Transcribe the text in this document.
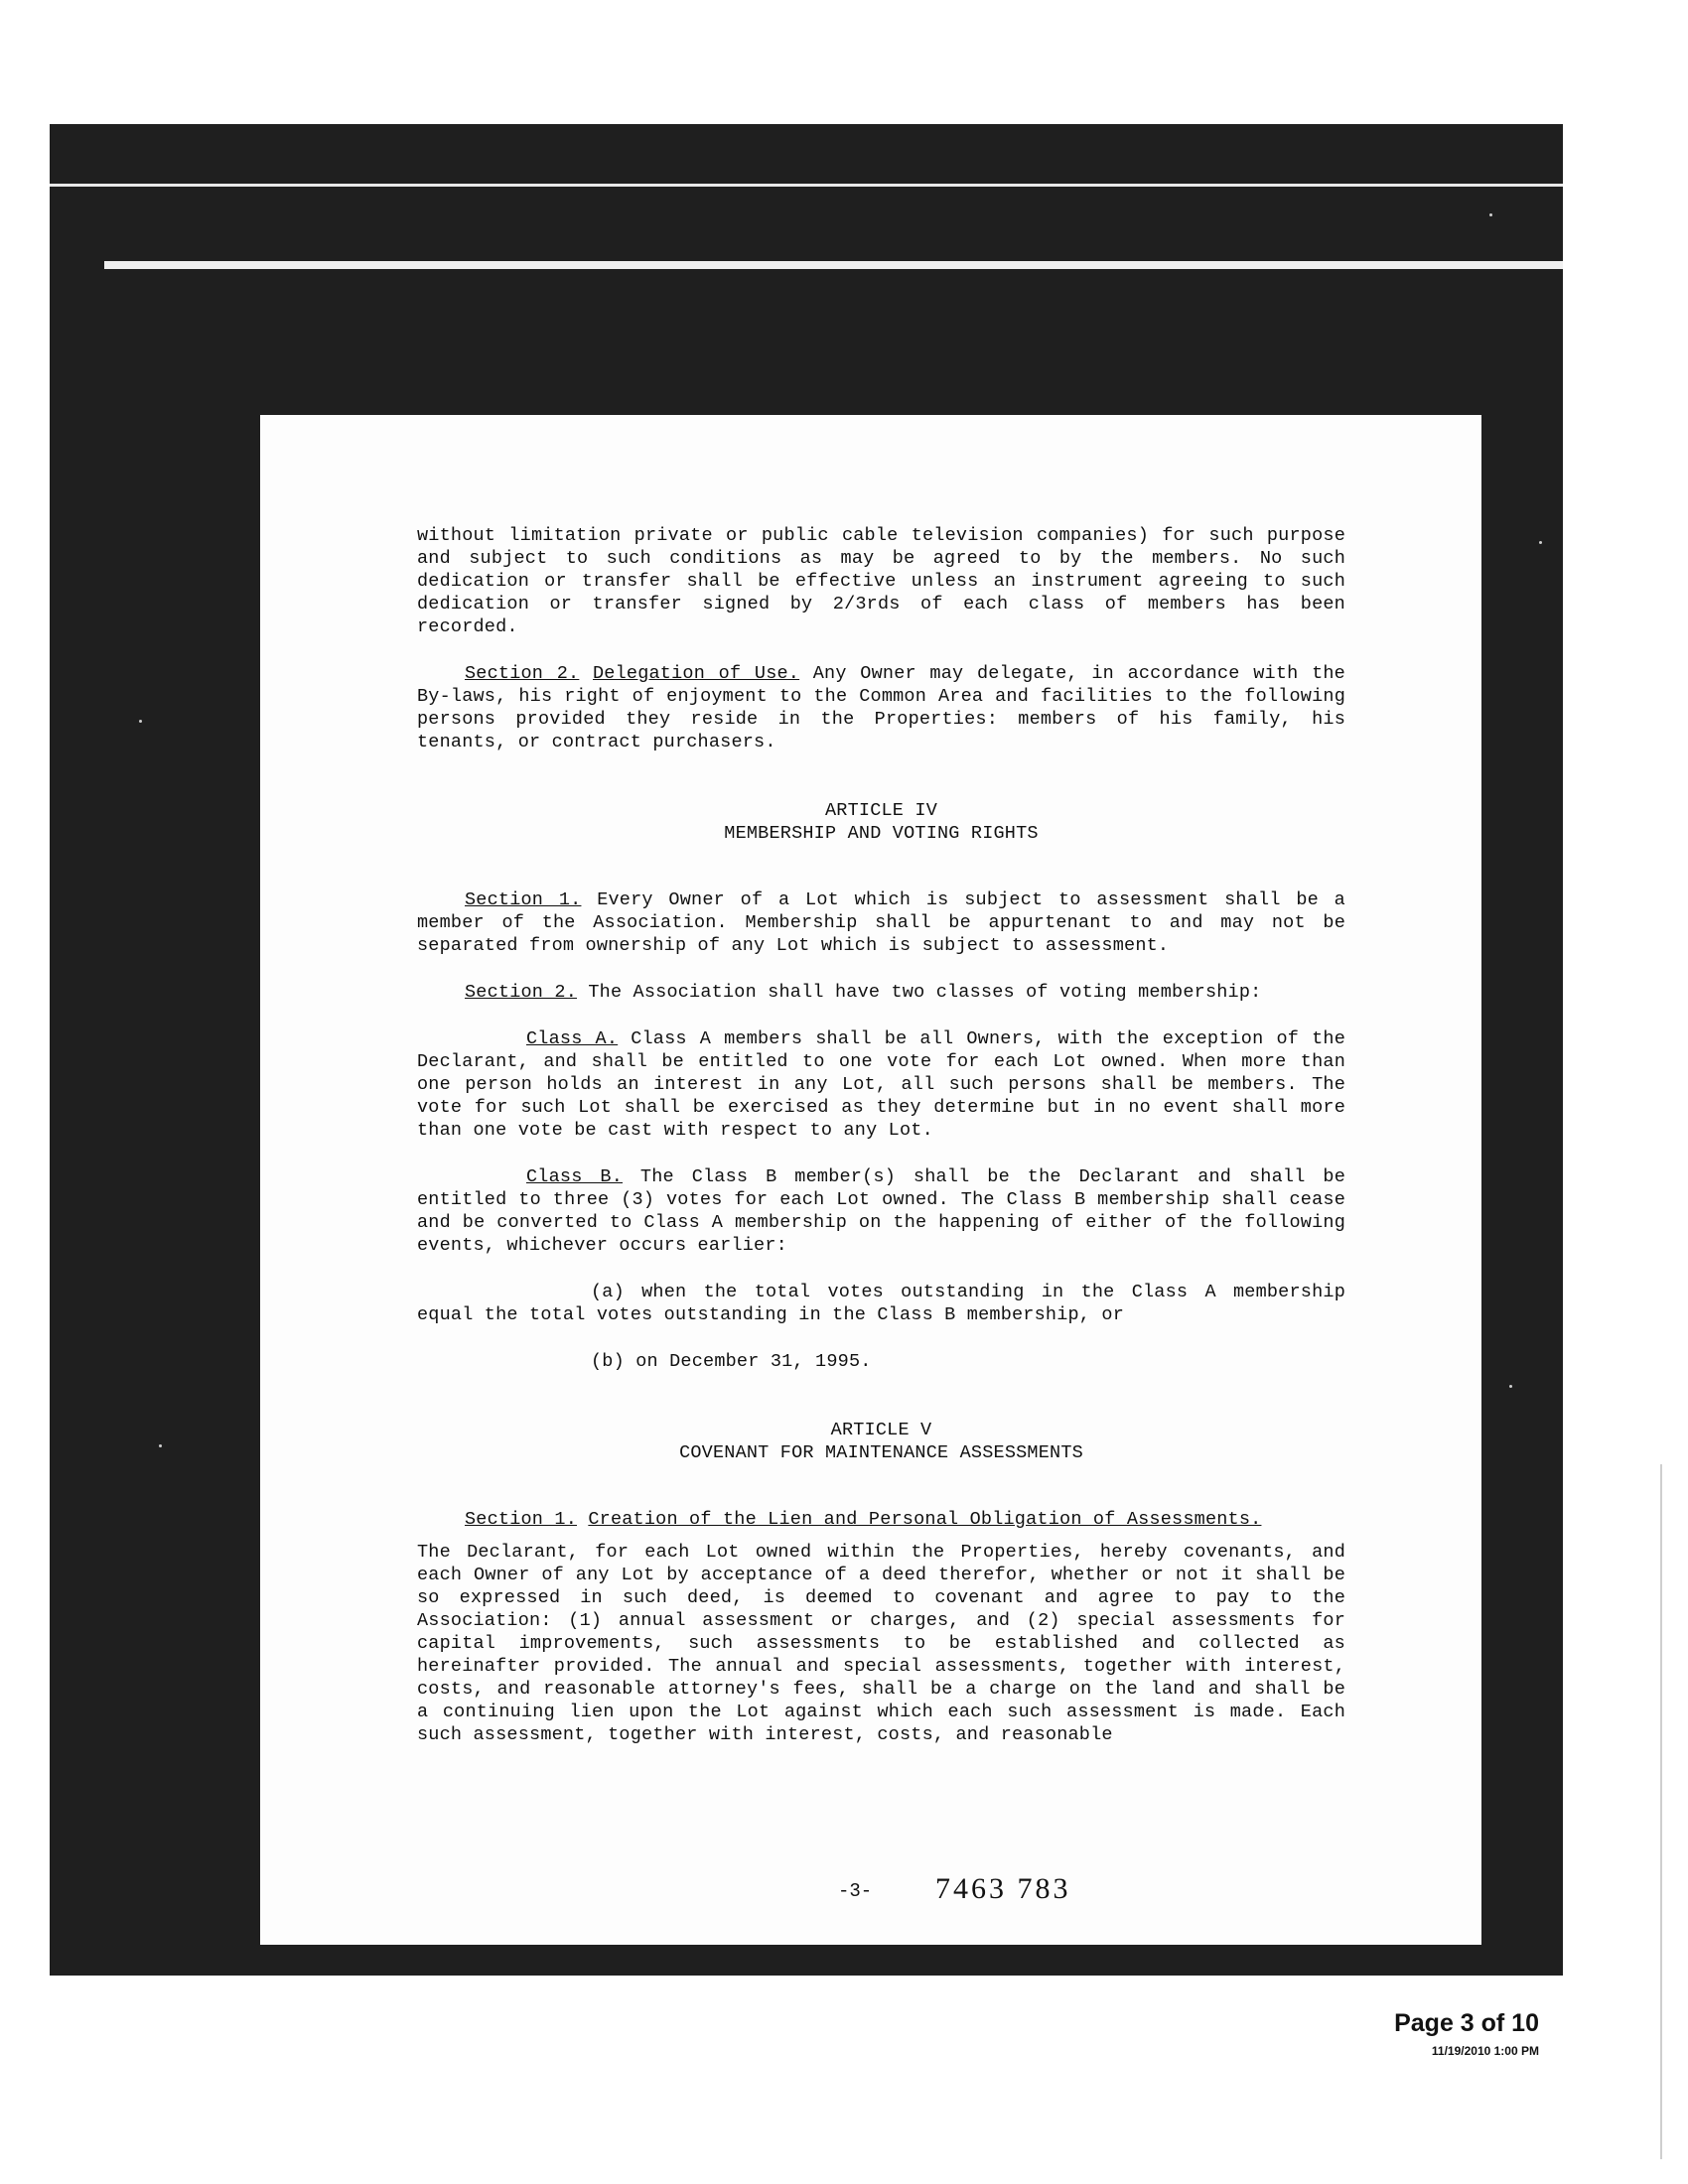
without limitation private or public cable television companies) for such purpose and subject to such conditions as may be agreed to by the members. No such dedication or transfer shall be effective unless an instrument agreeing to such dedication or transfer signed by 2/3rds of each class of members has been recorded.

Section 2. Delegation of Use. Any Owner may delegate, in accordance with the By-laws, his right of enjoyment to the Common Area and facilities to the following persons provided they reside in the Properties: members of his family, his tenants, or contract purchasers.

ARTICLE IV
MEMBERSHIP AND VOTING RIGHTS

Section 1. Every Owner of a Lot which is subject to assessment shall be a member of the Association. Membership shall be appurtenant to and may not be separated from ownership of any Lot which is subject to assessment.

Section 2. The Association shall have two classes of voting membership:

Class A. Class A members shall be all Owners, with the exception of the Declarant, and shall be entitled to one vote for each Lot owned. When more than one person holds an interest in any Lot, all such persons shall be members. The vote for such Lot shall be exercised as they determine but in no event shall more than one vote be cast with respect to any Lot.

Class B. The Class B member(s) shall be the Declarant and shall be entitled to three (3) votes for each Lot owned. The Class B membership shall cease and be converted to Class A membership on the happening of either of the following events, whichever occurs earlier:

(a) when the total votes outstanding in the Class A membership equal the total votes outstanding in the Class B membership, or

(b) on December 31, 1995.

ARTICLE V
COVENANT FOR MAINTENANCE ASSESSMENTS

Section 1. Creation of the Lien and Personal Obligation of Assessments.

The Declarant, for each Lot owned within the Properties, hereby covenants, and each Owner of any Lot by acceptance of a deed therefor, whether or not it shall be so expressed in such deed, is deemed to covenant and agree to pay to the Association: (1) annual assessment or charges, and (2) special assessments for capital improvements, such assessments to be established and collected as hereinafter provided. The annual and special assessments, together with interest, costs, and reasonable attorney's fees, shall be a charge on the land and shall be a continuing lien upon the Lot against which each such assessment is made. Each such assessment, together with interest, costs, and reasonable

-3- 7463 783
Page 3 of 10
11/19/2010 1:00 PM
